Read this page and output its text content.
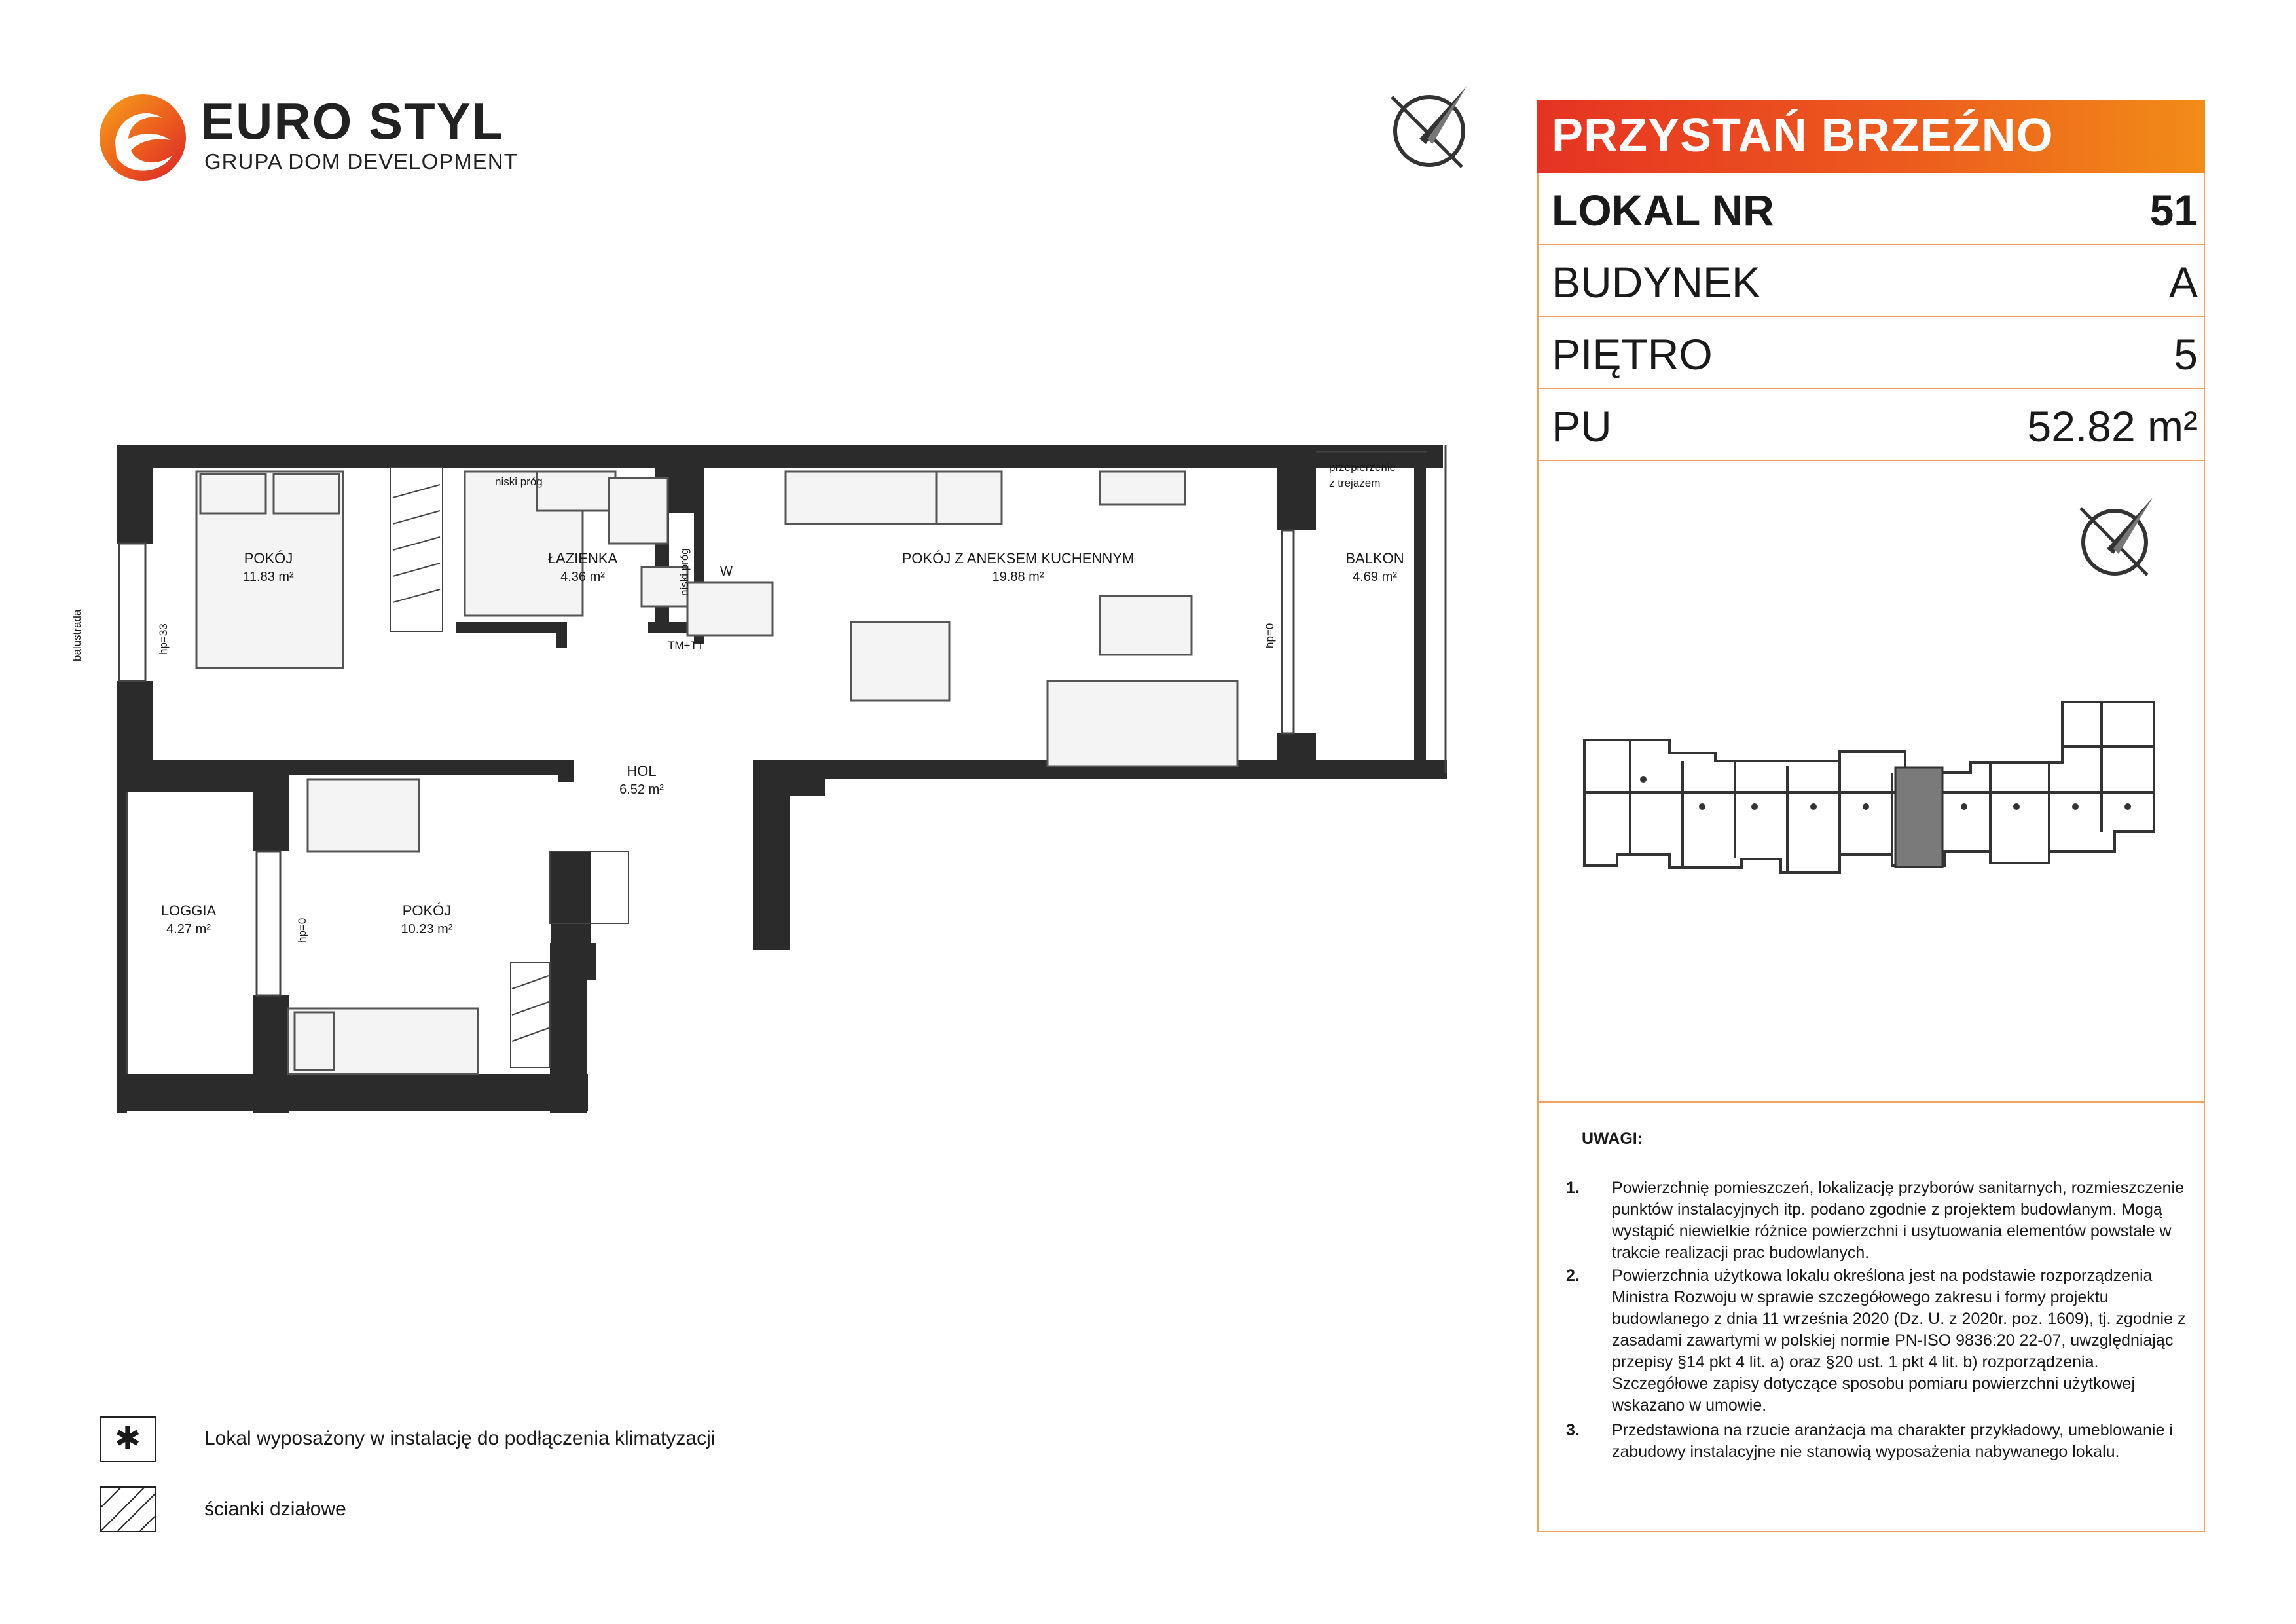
EURO STYL
GRUPA DOM DEVELOPMENT	PRZYSTAŃ BRZEŹNO
LOKAL NR	51
BUDYNEK	A
PIĘTRO	5
PU	52.82 m²
UWAGI:
1. Powierzchnię pomieszczeń, lokalizację przyborów sanitarnych, rozmieszczenie punktów instalacyjnych itp. podano zgodnie z projektem budowlanym. Mogą wystąpić niewielkie różnice powierzchni i usytuowania elementów powstałe w trakcie realizacji prac budowlanych.
2. Powierzchnia użytkowa lokalu określona jest na podstawie rozporządzenia Ministra Rozwoju w sprawie szczegółowego zakresu i formy projektu budowlanego z dnia 11 września 2020 (Dz. U. z 2020r. poz. 1609), tj. zgodnie z zasadami zawartymi w polskiej normie PN-ISO 9836:20 22-07, uwzględniając przepisy §14 pkt 4 lit. a) oraz §20 ust. 1 pkt 4 lit. b) rozporządzenia. Szczegółowe zapisy dotyczące sposobu pomiaru powierzchni użytkowej wskazano w umowie.
3. Przedstawiona na rzucie aranżacja ma charakter przykładowy, umeblowanie i zabudowy instalacyjne nie stanowią wyposażenia nabywanego lokalu.
✱	Lokal wyposażony w instalację do podłączenia klimatyzacji
ścianki działowe
POKÓJ
11.83 m²
ŁAZIENKA
4.36 m²
POKÓJ Z ANEKSEM KUCHENNYM
19.88 m²
BALKON
4.69 m²
HOL
6.52 m²
LOGGIA
4.27 m²
POKÓJ
10.23 m²
niski próg
niski próg W
TM+TT
przepierzenie
z trejażem
balustrada	hp=33	hp=0
hp=0
